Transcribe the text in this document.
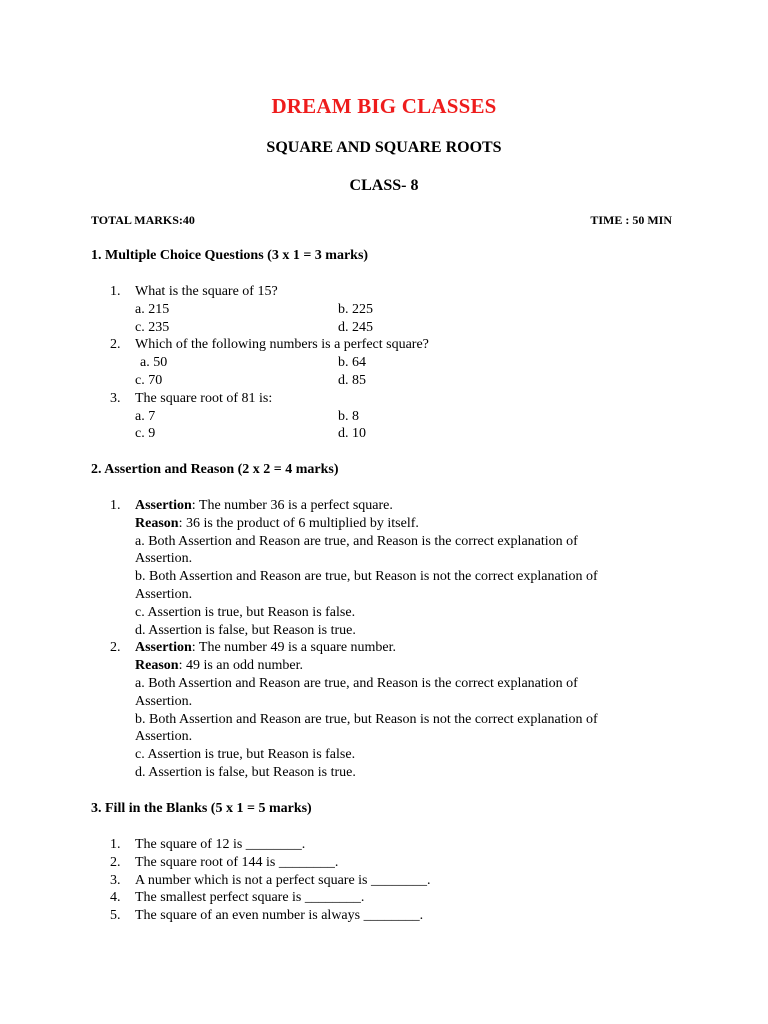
DREAM BIG CLASSES
SQUARE AND SQUARE ROOTS
CLASS- 8
TOTAL MARKS:40	TIME : 50 MIN
1. Multiple Choice Questions (3 x 1 = 3 marks)
1. What is the square of 15?
a. 215	b. 225
c. 235	d. 245
2. Which of the following numbers is a perfect square?
a. 50	b. 64
c. 70	d. 85
3. The square root of 81 is:
a. 7	b. 8
c. 9	d. 10
2. Assertion and Reason (2 x 2 = 4 marks)
1. Assertion: The number 36 is a perfect square.
Reason: 36 is the product of 6 multiplied by itself.
a. Both Assertion and Reason are true, and Reason is the correct explanation of
Assertion.
b. Both Assertion and Reason are true, but Reason is not the correct explanation of
Assertion.
c. Assertion is true, but Reason is false.
d. Assertion is false, but Reason is true.
2. Assertion: The number 49 is a square number.
Reason: 49 is an odd number.
a. Both Assertion and Reason are true, and Reason is the correct explanation of
Assertion.
b. Both Assertion and Reason are true, but Reason is not the correct explanation of
Assertion.
c. Assertion is true, but Reason is false.
d. Assertion is false, but Reason is true.
3. Fill in the Blanks (5 x 1 = 5 marks)
1. The square of 12 is ________.
2. The square root of 144 is ________.
3. A number which is not a perfect square is ________.
4. The smallest perfect square is ________.
5. The square of an even number is always ________.
